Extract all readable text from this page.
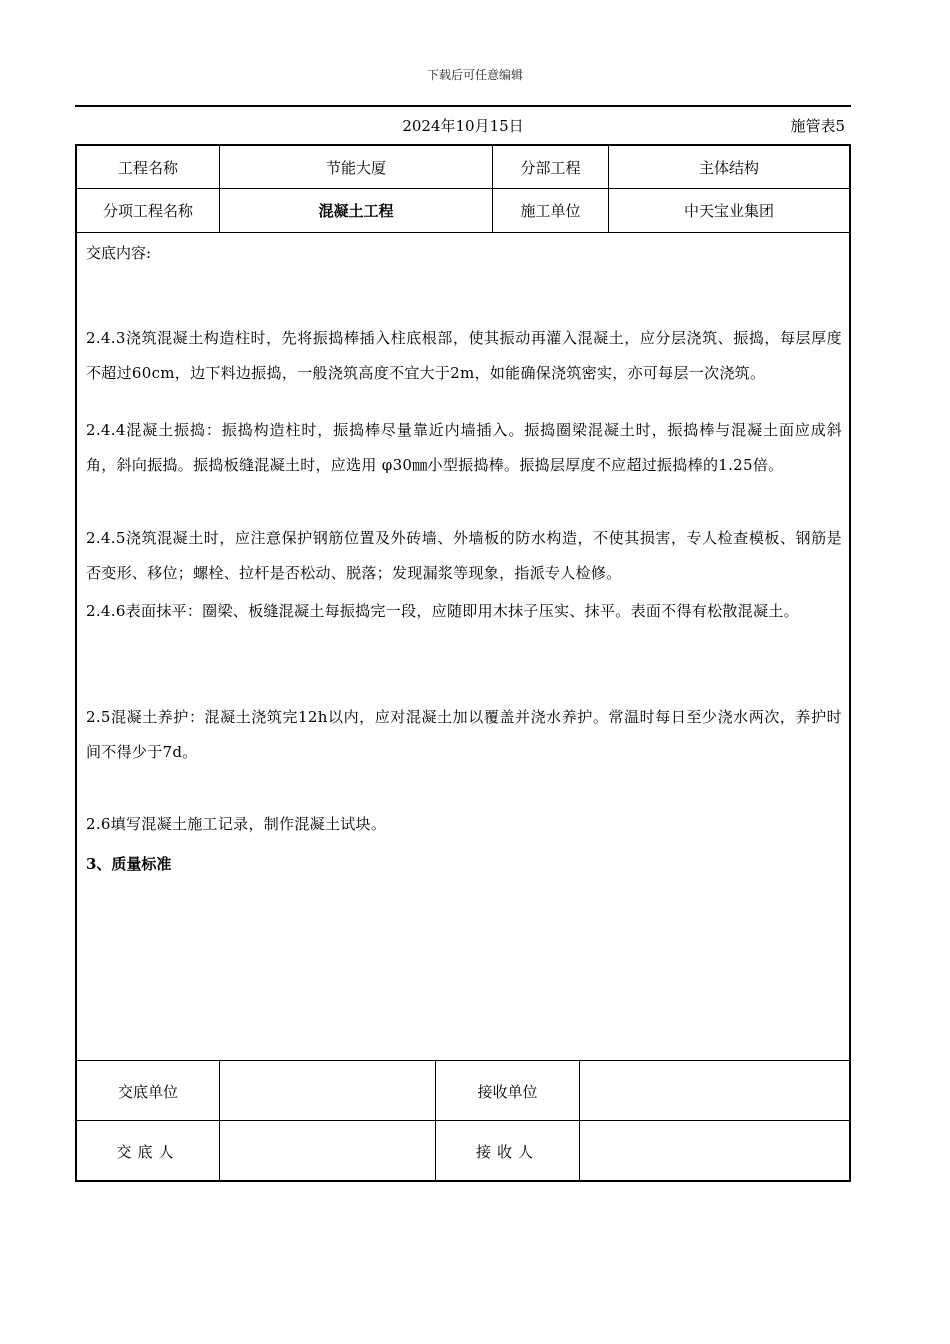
下载后可任意编辑
2024年10月15日	施管表5
工程名称	节能大厦	分部工程	主体结构
分项工程名称	混凝土工程	施工单位	中天宝业集团
交底内容:
2.4.3浇筑混凝土构造柱时，先将振捣棒插入柱底根部，使其振动再灌入混凝土，应分层浇筑、振捣，每层厚度不超过60cm，边下料边振捣，一般浇筑高度不宜大于2m，如能确保浇筑密实，亦可每层一次浇筑。
2.4.4混凝土振捣：振捣构造柱时，振捣棒尽量靠近内墙插入。振捣圈梁混凝土时，振捣棒与混凝土面应成斜角，斜向振捣。振捣板缝混凝土时，应选用 φ30㎜小型振捣棒。振捣层厚度不应超过振捣棒的1.25倍。
2.4.5浇筑混凝土时，应注意保护钢筋位置及外砖墙、外墙板的防水构造，不使其损害，专人检查模板、钢筋是否变形、移位；螺栓、拉杆是否松动、脱落；发现漏浆等现象，指派专人检修。
2.4.6表面抹平：圈梁、板缝混凝土每振捣完一段，应随即用木抹子压实、抹平。表面不得有松散混凝土。
2.5混凝土养护：混凝土浇筑完12h以内，应对混凝土加以覆盖并浇水养护。常温时每日至少浇水两次，养护时间不得少于7d。
2.6填写混凝土施工记录，制作混凝土试块。
3、质量标准
交底单位	接收单位
交底人	接收人
